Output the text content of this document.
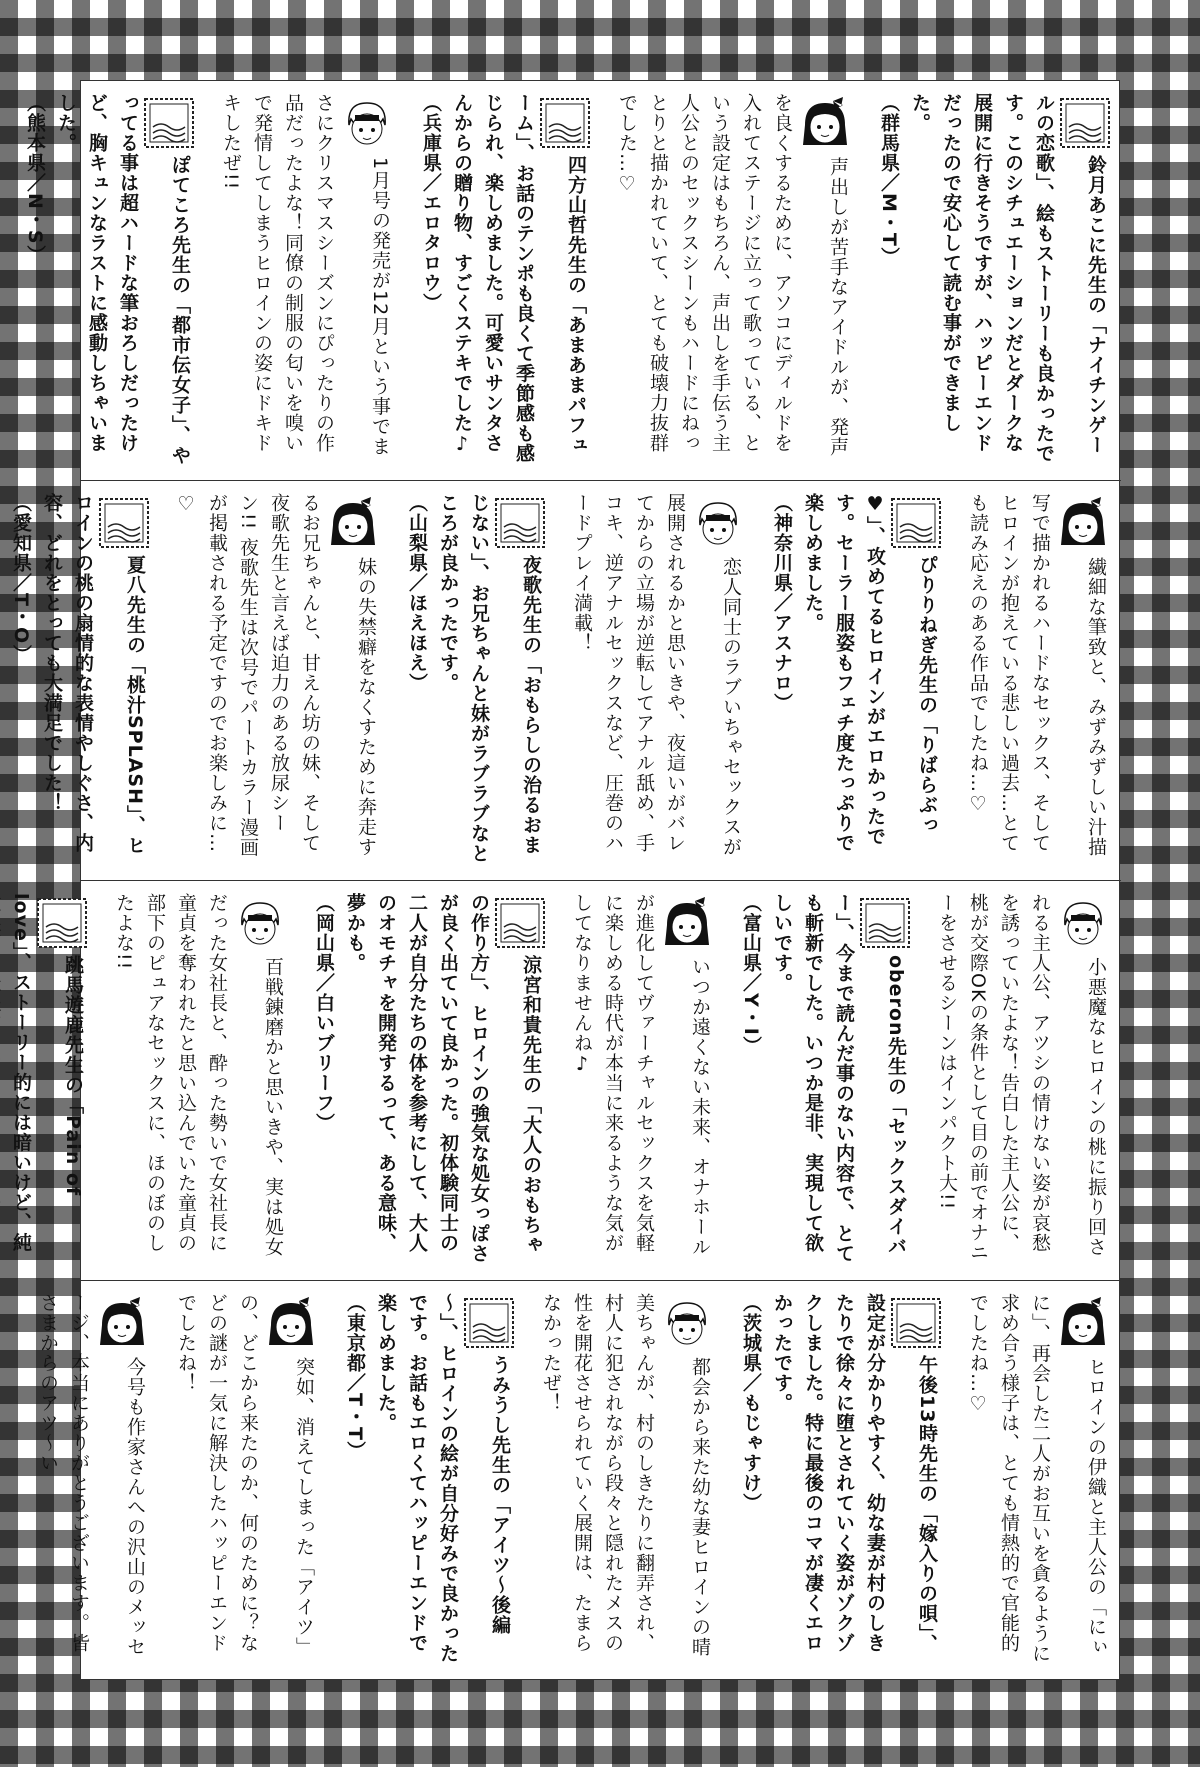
鈴月あこに先生の「ナイチンゲールの恋歌」、絵もストーリーも良かったです。このシチュエーションだとダークな展開に行きそうですが、ハッピーエンドだったので安心して読む事ができました。
（群馬県／M・T）
声出しが苦手なアイドルが、発声を良くするために、アソコにディルドを入れてステージに立って歌っている、という設定はもちろん、声出しを手伝う主人公とのセックスシーンもハードにねっとりと描かれていて、とても破壊力抜群でした…♡
四方山哲先生の「あまあまパフューム」、お話のテンポも良くて季節感も感じられ、楽しめました。可愛いサンタさんからの贈り物、すごくステキでした♪
（兵庫県／エロタロウ）
1月号の発売が12月という事でまさにクリスマスシーズンにぴったりの作品だったよな！同僚の制服の匂いを嗅いで発情してしまうヒロインの姿にドキドキしたぜ!!
ぽてころ先生の「都市伝女子」、やってる事は超ハードな筆おろしだったけど、胸キュンなラストに感動しちゃいました。
（熊本県／N・S）
繊細な筆致と、みずみずしい汁描写で描かれるハードなセックス、そしてヒロインが抱えている悲しい過去…とても読み応えのある作品でしたね…♡
ぴりりねぎ先生の「りばらぶっ♥」、攻めてるヒロインがエロかったです。セーラー服姿もフェチ度たっぷりで楽しめました。
（神奈川県／アスナロ）
恋人同士のラブいちゃセックスが展開されるかと思いきや、夜這いがバレてからの立場が逆転してアナル舐め、手コキ、逆アナルセックスなど、圧巻のハードプレイ満載！
夜歌先生の「おもらしの治るおまじない」、お兄ちゃんと妹がラブラブなところが良かったです。
（山梨県／ほえほえ）
妹の失禁癖をなくすために奔走するお兄ちゃんと、甘えん坊の妹、そして夜歌先生と言えば迫力のある放尿シーン!! 夜歌先生は次号でパートカラー漫画が掲載される予定ですのでお楽しみに…♡
夏八先生の「桃汁SPLASH」、ヒロインの桃の扇情的な表情やしぐさ、内容、どれをとっても大満足でした！
（愛知県／T・O）
小悪魔なヒロインの桃に振り回される主人公、アツシの情けない姿が哀愁を誘っていたよな！告白した主人公に、桃が交際OKの条件として目の前でオナニーをさせるシーンはインパクト大!!
oberon先生の「セックスダイバー」、今まで読んだ事のない内容で、とても斬新でした。いつか是非、実現して欲しいです。
（富山県／Y・I）
いつか遠くない未来、オナホールが進化してヴァーチャルセックスを気軽に楽しめる時代が本当に来るような気がしてなりませんね♪
涼宮和貴先生の「大人のおもちゃの作り方」、ヒロインの強気な処女っぽさが良く出ていて良かった。初体験同士の二人が自分たちの体を参考にして、大人のオモチャを開発するって、ある意味、夢かも。
（岡山県／白いブリーフ）
百戦錬磨かと思いきや、実は処女だった女社長と、酔った勢いで女社長に童貞を奪われたと思い込んでいた童貞の部下のピュアなセックスに、ほのぼのしたよな!!
跳馬遊鹿先生の「Pain of love」、ストーリー的には暗いけど、純

ヒロインの伊織と主人公の「にぃに」、再会した二人がお互いを貪るように求め合う様子は、とても情熱的で官能的でしたね…♡
午後13時先生の「嫁入りの唄」、設定が分かりやすく、幼な妻が村のしきたりで徐々に堕とされていく姿がゾクゾクしました。特に最後のコマが凄くエロかったです。
（茨城県／もじゃすけ）
都会から来た幼な妻ヒロインの晴美ちゃんが、村のしきたりに翻弄され、村人に犯されながら段々と隠れたメスの性を開花させられていく展開は、たまらなかったぜ！
うみうし先生の「アイツ～後編～」、ヒロインの絵が自分好みで良かったです。お話もエロくてハッピーエンドで楽しめました。
（東京都／T・T）
突如、消えてしまった「アイツ」の、どこから来たのか、何のために？などの謎が一気に解決したハッピーエンドでしたね！
今号も作家さんへの沢山のメッセージ、本当にありがとうございます。皆さまからのアツ～い
